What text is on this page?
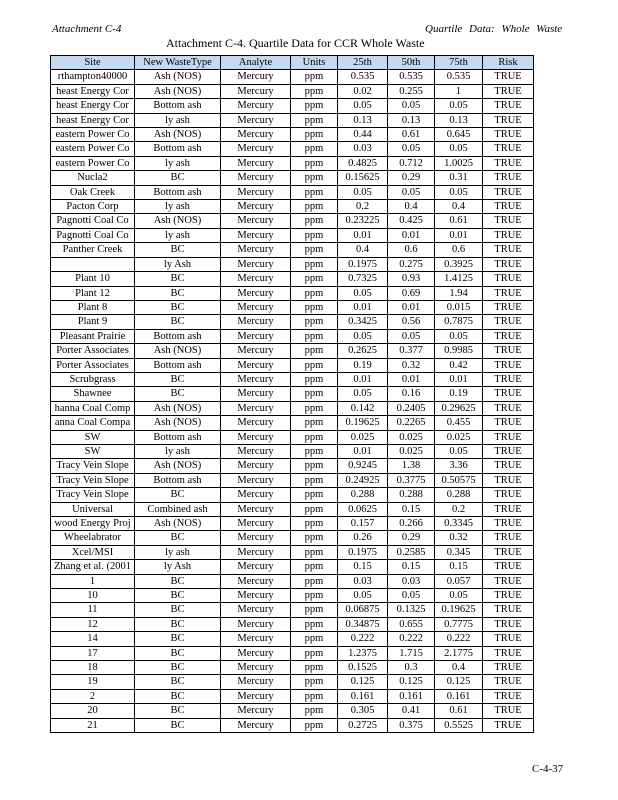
Attachment C-4	Quartile Data: Whole Waste
Attachment C-4. Quartile Data for CCR Whole Waste
Site	New WasteType	Analyte	Units	25th	50th	75th	Risk
rthampton40000	Ash (NOS)	Mercury	ppm	0.535	0.535	0.535	TRUE
heast Energy Cor	Ash (NOS)	Mercury	ppm	0.02	0.255	1	TRUE
heast Energy Cor	Bottom ash	Mercury	ppm	0.05	0.05	0.05	TRUE
heast Energy Cor	ly ash	Mercury	ppm	0.13	0.13	0.13	TRUE
eastern Power Co	Ash (NOS)	Mercury	ppm	0.44	0.61	0.645	TRUE
eastern Power Co	Bottom ash	Mercury	ppm	0.03	0.05	0.05	TRUE
eastern Power Co	ly ash	Mercury	ppm	0.4825	0.712	1.0025	TRUE
Nucla2	BC	Mercury	ppm	0.15625	0.29	0.31	TRUE
Oak Creek	Bottom ash	Mercury	ppm	0.05	0.05	0.05	TRUE
Pacton Corp	ly ash	Mercury	ppm	0.2	0.4	0.4	TRUE
Pagnotti Coal Co	Ash (NOS)	Mercury	ppm	0.23225	0.425	0.61	TRUE
Pagnotti Coal Co	ly ash	Mercury	ppm	0.01	0.01	0.01	TRUE
Panther Creek	BC	Mercury	ppm	0.4	0.6	0.6	TRUE
	ly Ash	Mercury	ppm	0.1975	0.275	0.3925	TRUE
Plant 10	BC	Mercury	ppm	0.7325	0.93	1.4125	TRUE
Plant 12	BC	Mercury	ppm	0.05	0.69	1.94	TRUE
Plant 8	BC	Mercury	ppm	0.01	0.01	0.015	TRUE
Plant 9	BC	Mercury	ppm	0.3425	0.56	0.7875	TRUE
Pleasant Prairie	Bottom ash	Mercury	ppm	0.05	0.05	0.05	TRUE
Porter Associates	Ash (NOS)	Mercury	ppm	0.2625	0.377	0.9985	TRUE
Porter Associates	Bottom ash	Mercury	ppm	0.19	0.32	0.42	TRUE
Scrubgrass	BC	Mercury	ppm	0.01	0.01	0.01	TRUE
Shawnee	BC	Mercury	ppm	0.05	0.16	0.19	TRUE
hanna Coal Comp	Ash (NOS)	Mercury	ppm	0.142	0.2405	0.29625	TRUE
anna Coal Compa	Ash (NOS)	Mercury	ppm	0.19625	0.2265	0.455	TRUE
SW	Bottom ash	Mercury	ppm	0.025	0.025	0.025	TRUE
SW	ly ash	Mercury	ppm	0.01	0.025	0.05	TRUE
Tracy Vein Slope	Ash (NOS)	Mercury	ppm	0.9245	1.38	3.36	TRUE
Tracy Vein Slope	Bottom ash	Mercury	ppm	0.24925	0.3775	0.50575	TRUE
Tracy Vein Slope	BC	Mercury	ppm	0.288	0.288	0.288	TRUE
Universal	Combined ash	Mercury	ppm	0.0625	0.15	0.2	TRUE
wood Energy Proj	Ash (NOS)	Mercury	ppm	0.157	0.266	0.3345	TRUE
Wheelabrator	BC	Mercury	ppm	0.26	0.29	0.32	TRUE
Xcel/MSI	ly ash	Mercury	ppm	0.1975	0.2585	0.345	TRUE
Zhang et al. (2001	ly Ash	Mercury	ppm	0.15	0.15	0.15	TRUE
1	BC	Mercury	ppm	0.03	0.03	0.057	TRUE
10	BC	Mercury	ppm	0.05	0.05	0.05	TRUE
11	BC	Mercury	ppm	0.06875	0.1325	0.19625	TRUE
12	BC	Mercury	ppm	0.34875	0.655	0.7775	TRUE
14	BC	Mercury	ppm	0.222	0.222	0.222	TRUE
17	BC	Mercury	ppm	1.2375	1.715	2.1775	TRUE
18	BC	Mercury	ppm	0.1525	0.3	0.4	TRUE
19	BC	Mercury	ppm	0.125	0.125	0.125	TRUE
2	BC	Mercury	ppm	0.161	0.161	0.161	TRUE
20	BC	Mercury	ppm	0.305	0.41	0.61	TRUE
21	BC	Mercury	ppm	0.2725	0.375	0.5525	TRUE
C-4-37
